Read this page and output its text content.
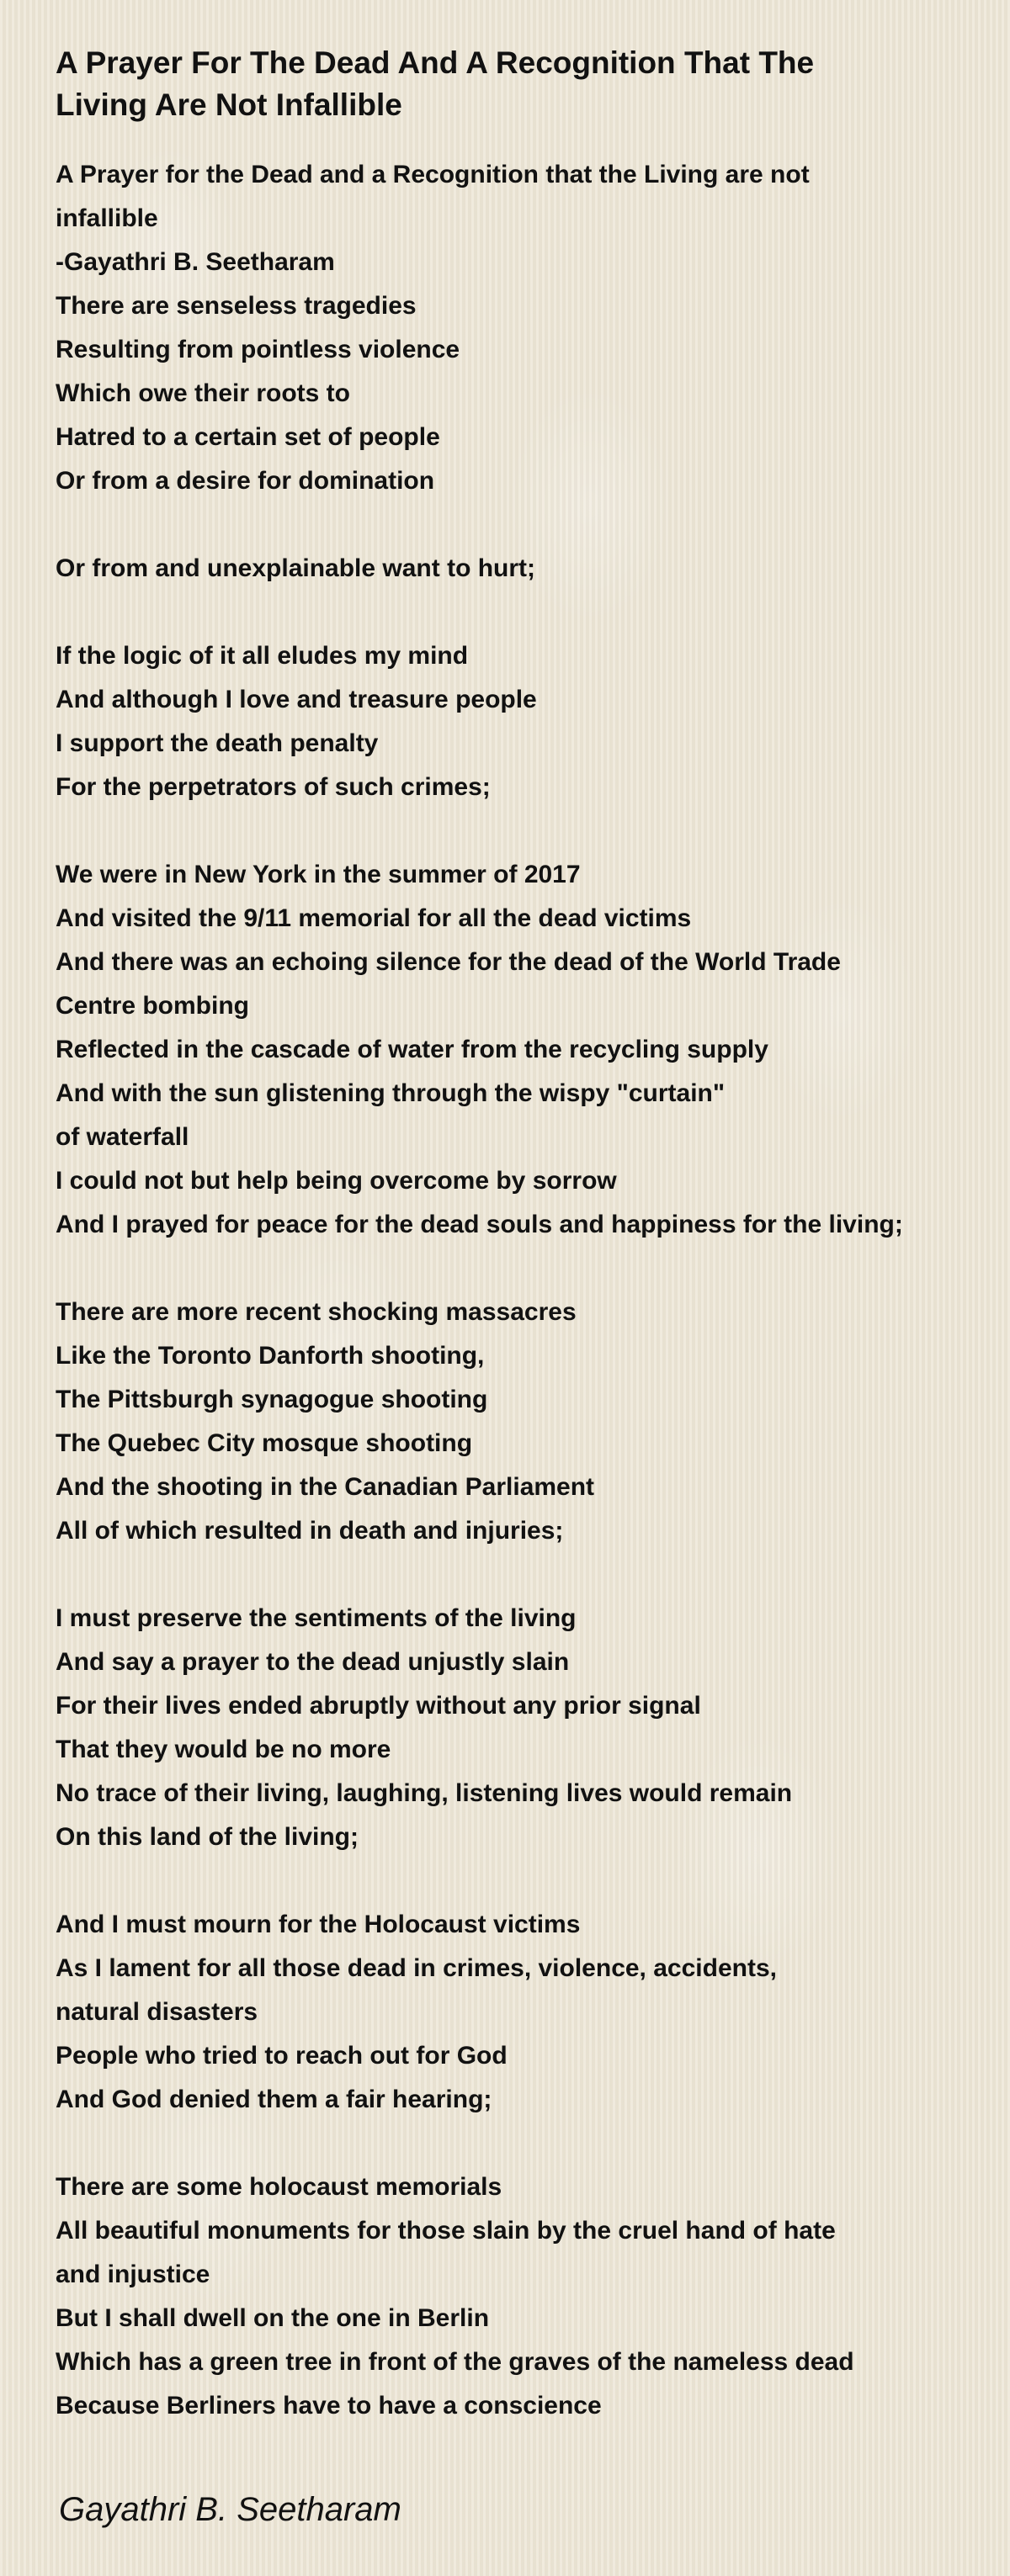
A Prayer For The Dead And A Recognition That The Living Are Not Infallible
A Prayer for the Dead and a Recognition that the Living are not
infallible
-Gayathri B. Seetharam
There are senseless tragedies
Resulting from pointless violence
Which owe their roots to
Hatred to a certain set of people
Or from a desire for domination
Or from and unexplainable want to hurt;
If the logic of it all eludes my mind
And although I love and treasure people
I support the death penalty
For the perpetrators of such crimes;
We were in New York in the summer of 2017
And visited the 9/11 memorial for all the dead victims
And there was an echoing silence for the dead of the World Trade
Centre bombing
Reflected in the cascade of water from the recycling supply
And with the sun glistening through the wispy "curtain"
of waterfall
I could not but help being overcome by sorrow
And I prayed for peace for the dead souls and happiness for the living;
There are more recent shocking massacres
Like the Toronto Danforth shooting,
The Pittsburgh synagogue shooting
The Quebec City mosque shooting
And the shooting in the Canadian Parliament
All of which resulted in death and injuries;
I must preserve the sentiments of the living
And say a prayer to the dead unjustly slain
For their lives ended abruptly without any prior signal
That they would be no more
No trace of their living, laughing, listening lives would remain
On this land of the living;
And I must mourn for the Holocaust victims
As I lament for all those dead in crimes, violence, accidents,
natural disasters
People who tried to reach out for God
And God denied them a fair hearing;
There are some holocaust memorials
All beautiful monuments for those slain by the cruel hand of hate
and injustice
But I shall dwell on the one in Berlin
Which has a green tree in front of the graves of the nameless dead
Because Berliners have to have a conscience
Gayathri B. Seetharam
